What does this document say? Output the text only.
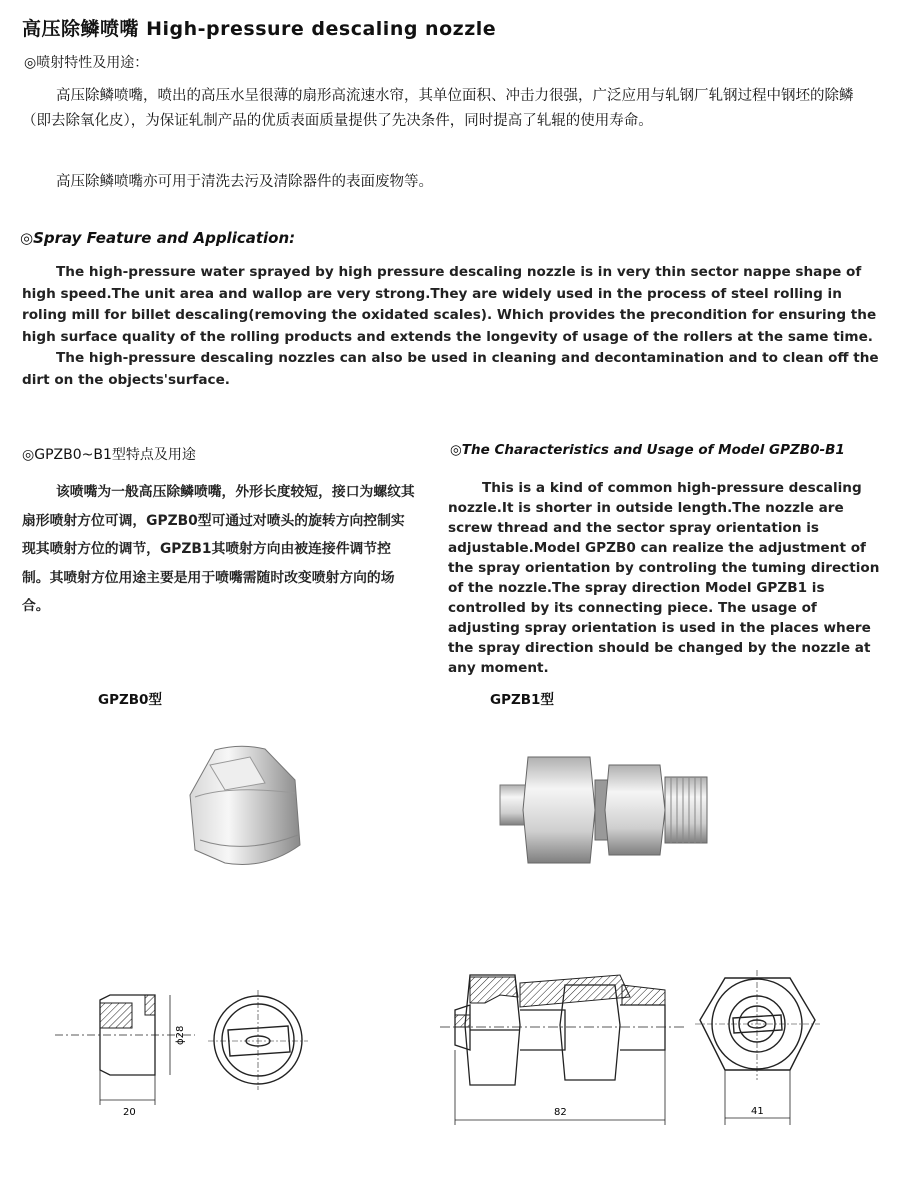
高压除鳞喷嘴 High-pressure descaling nozzle
◎喷射特性及用途：
高压除鳞喷嘴，喷出的高压水呈很薄的扇形高流速水帘，其单位面积、冲击力很强，广泛应用与轧钢厂轧钢过程中钢坯的除鳞（即去除氧化皮），为保证轧制产品的优质表面质量提供了先决条件，同时提高了轧辊的使用寿命。
高压除鳞喷嘴亦可用于清洗去污及清除器件的表面废物等。
◎Spray Feature and Application:
The high-pressure water sprayed by high pressure descaling nozzle is in very thin sector nappe shape of high speed.The unit area and wallop are very strong.They are widely used in the process of steel rolling in roling mill for billet descaling(removing the oxidated scales). Which provides the precondition for ensuring the high surface quality of the rolling products and extends the longevity of usage of the rollers at the same time.
The high-pressure descaling nozzles can also be used in cleaning and decontamination and to clean off the dirt on the objects'surface.
◎GPZB0~B1型特点及用途	◎The Characteristics and Usage of Model GPZB0-B1
该喷嘴为一般高压除鳞喷嘴，外形长度较短，接口为螺纹其扇形喷射方位可调，GPZB0型可通过对喷头的旋转方向控制实现其喷射方位的调节，GPZB1其喷射方向由被连接件调节控制。其喷射方位用途主要是用于喷嘴需随时改变喷射方向的场合。
This is a kind of common high-pressure descaling nozzle.It is shorter in outside length.The nozzle are screw thread and the sector spray orientation is adjustable.Model GPZB0 can realize the adjustment of the spray orientation by controling the tuming direction of the nozzle.The spray direction Model GPZB1 is controlled by its connecting piece. The usage of adjusting spray orientation is used in the places where the spray direction should be changed by the nozzle at any moment.
GPZB0型	GPZB1型
20
ϕ28
82	41
